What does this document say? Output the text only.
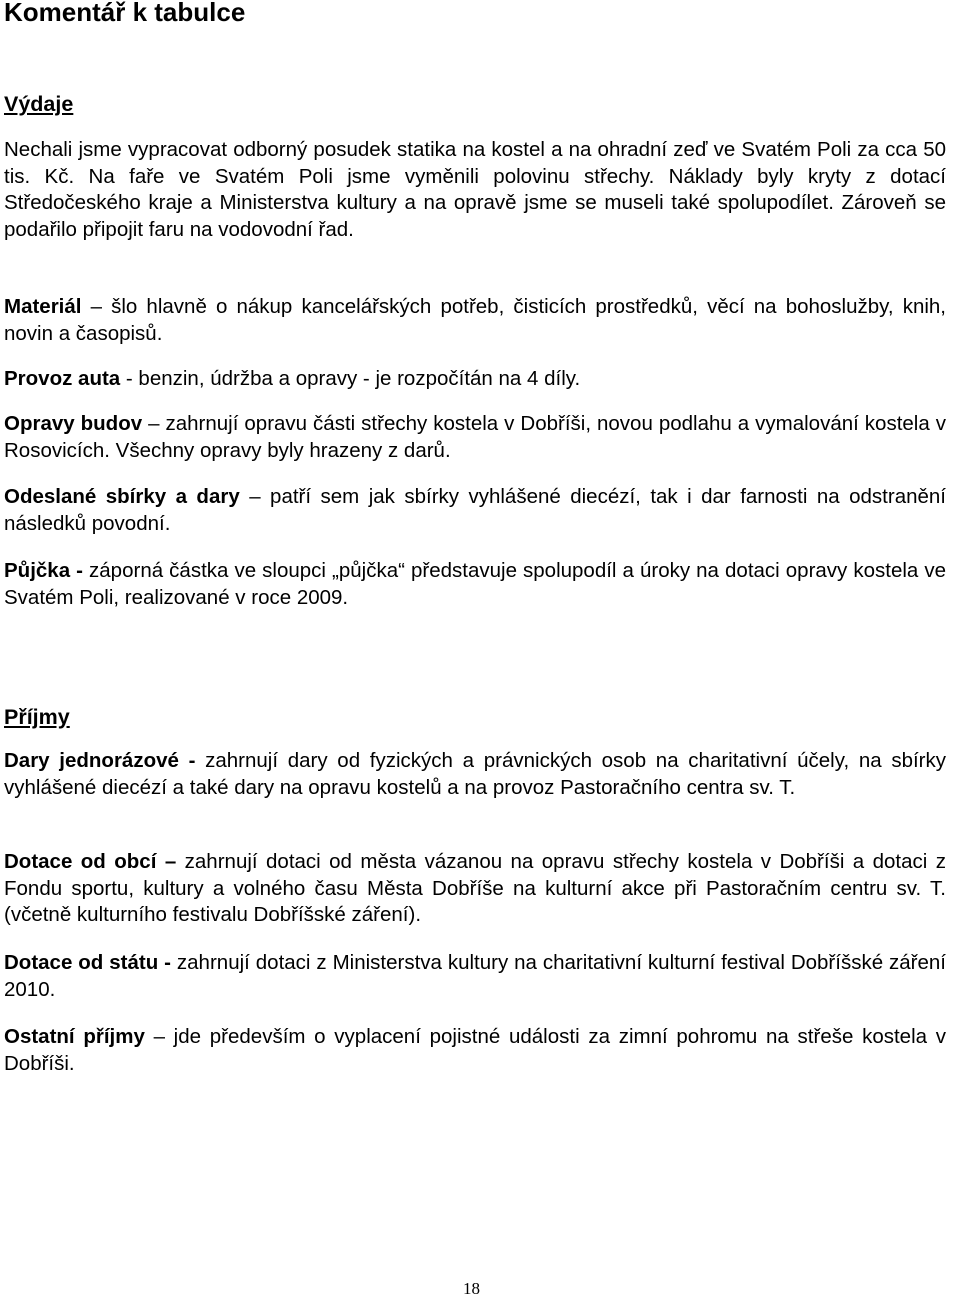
Komentář k tabulce
Výdaje

Nechali jsme vypracovat odborný posudek statika na kostel a na ohradní zeď ve Svatém Poli za cca 50 tis. Kč. Na faře ve Svatém Poli jsme vyměnili polovinu střechy. Náklady byly kryty z dotací Středočeského kraje a Ministerstva kultury a na opravě jsme se museli také spolupodílet. Zároveň se podařilo připojit faru na vodovodní řad.

Materiál – šlo hlavně o nákup kancelářských potřeb, čisticích prostředků, věcí na bohoslužby, knih, novin a časopisů.

Provoz auta - benzin, údržba a opravy - je rozpočítán na 4 díly.

Opravy budov – zahrnují opravu části střechy kostela v Dobříši, novou podlahu a vymalování kostela v Rosovicích. Všechny opravy byly hrazeny z darů.

Odeslané sbírky a dary – patří sem jak sbírky vyhlášené diecézí, tak i dar farnosti na odstranění následků povodní.

Půjčka - záporná částka ve sloupci „půjčka“ představuje spolupodíl a úroky na dotaci opravy kostela ve Svatém Poli, realizované v roce 2009.

Příjmy

Dary jednorázové - zahrnují dary od fyzických a právnických osob na charitativní účely, na sbírky vyhlášené diecézí a také dary na opravu kostelů a na provoz Pastoračního centra sv. T.

Dotace od obcí – zahrnují dotaci od města vázanou na opravu střechy kostela v Dobříši a dotaci z Fondu sportu, kultury a volného času Města Dobříše na kulturní akce při Pastoračním centru sv. T. (včetně kulturního festivalu Dobříšské záření).

Dotace od státu - zahrnují dotaci z Ministerstva kultury na charitativní kulturní festival Dobříšské záření 2010.

Ostatní příjmy – jde především o vyplacení pojistné události za zimní pohromu na střeše kostela v Dobříši.

18
